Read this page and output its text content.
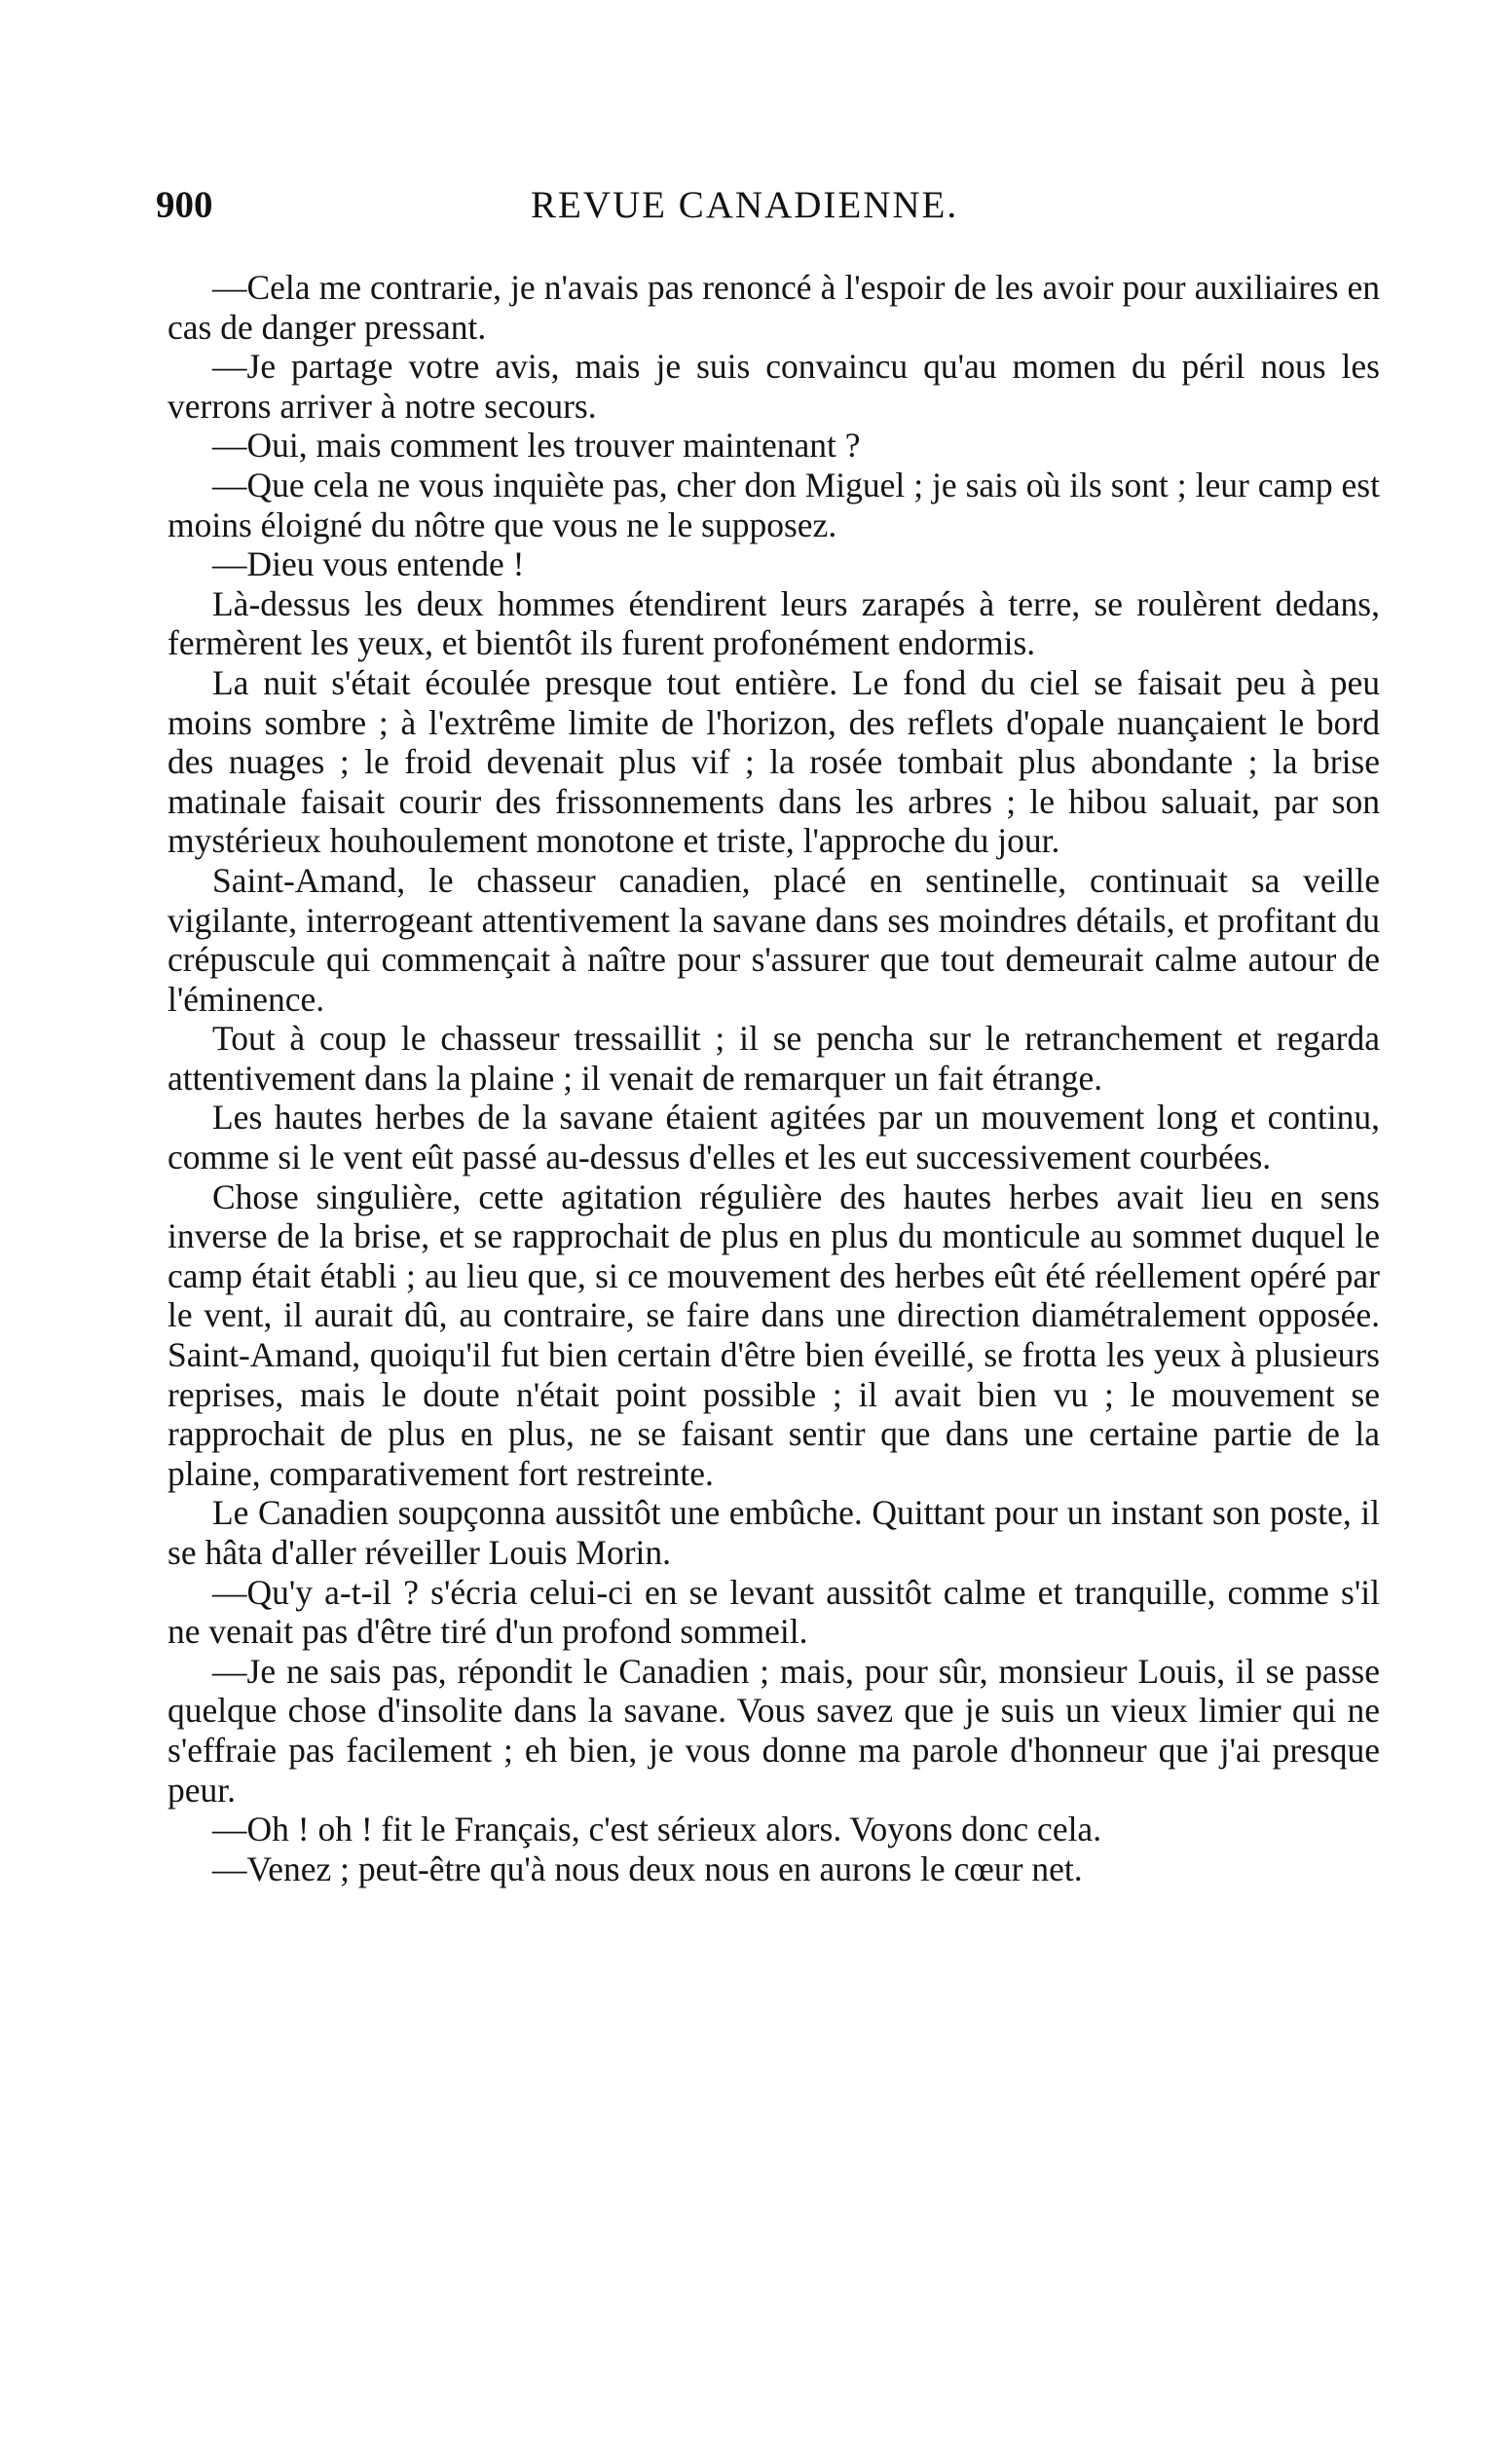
900	REVUE CANADIENNE.

—Cela me contrarie, je n'avais pas renoncé à l'espoir de les avoir pour auxiliaires en cas de danger pressant.

—Je partage votre avis, mais je suis convaincu qu'au momen du péril nous les verrons arriver à notre secours.

—Oui, mais comment les trouver maintenant ?

—Que cela ne vous inquiète pas, cher don Miguel ; je sais où ils sont ; leur camp est moins éloigné du nôtre que vous ne le supposez.

—Dieu vous entende !

Là-dessus les deux hommes étendirent leurs zarapés à terre, se roulèrent dedans, fermèrent les yeux, et bientôt ils furent profonément endormis.

La nuit s'était écoulée presque tout entière. Le fond du ciel se faisait peu à peu moins sombre ; à l'extrême limite de l'horizon, des reflets d'opale nuançaient le bord des nuages ; le froid devenait plus vif ; la rosée tombait plus abondante ; la brise matinale faisait courir des frissonnements dans les arbres ; le hibou saluait, par son mystérieux houhoulement monotone et triste, l'approche du jour.

Saint-Amand, le chasseur canadien, placé en sentinelle, continuait sa veille vigilante, interrogeant attentivement la savane dans ses moindres détails, et profitant du crépuscule qui commençait à naître pour s'assurer que tout demeurait calme autour de l'éminence.

Tout à coup le chasseur tressaillit ; il se pencha sur le retranchement et regarda attentivement dans la plaine ; il venait de remarquer un fait étrange.

Les hautes herbes de la savane étaient agitées par un mouvement long et continu, comme si le vent eût passé au-dessus d'elles et les eut successivement courbées.

Chose singulière, cette agitation régulière des hautes herbes avait lieu en sens inverse de la brise, et se rapprochait de plus en plus du monticule au sommet duquel le camp était établi ; au lieu que, si ce mouvement des herbes eût été réellement opéré par le vent, il aurait dû, au contraire, se faire dans une direction diamétralement opposée. Saint-Amand, quoiqu'il fut bien certain d'être bien éveillé, se frotta les yeux à plusieurs reprises, mais le doute n'était point possible ; il avait bien vu ; le mouvement se rapprochait de plus en plus, ne se faisant sentir que dans une certaine partie de la plaine, comparativement fort restreinte.

Le Canadien soupçonna aussitôt une embûche. Quittant pour un instant son poste, il se hâta d'aller réveiller Louis Morin.

—Qu'y a-t-il ? s'écria celui-ci en se levant aussitôt calme et tranquille, comme s'il ne venait pas d'être tiré d'un profond sommeil.

—Je ne sais pas, répondit le Canadien ; mais, pour sûr, monsieur Louis, il se passe quelque chose d'insolite dans la savane. Vous savez que je suis un vieux limier qui ne s'effraie pas facilement ; eh bien, je vous donne ma parole d'honneur que j'ai presque peur.

—Oh ! oh ! fit le Français, c'est sérieux alors. Voyons donc cela.

—Venez ; peut-être qu'à nous deux nous en aurons le cœur net.
